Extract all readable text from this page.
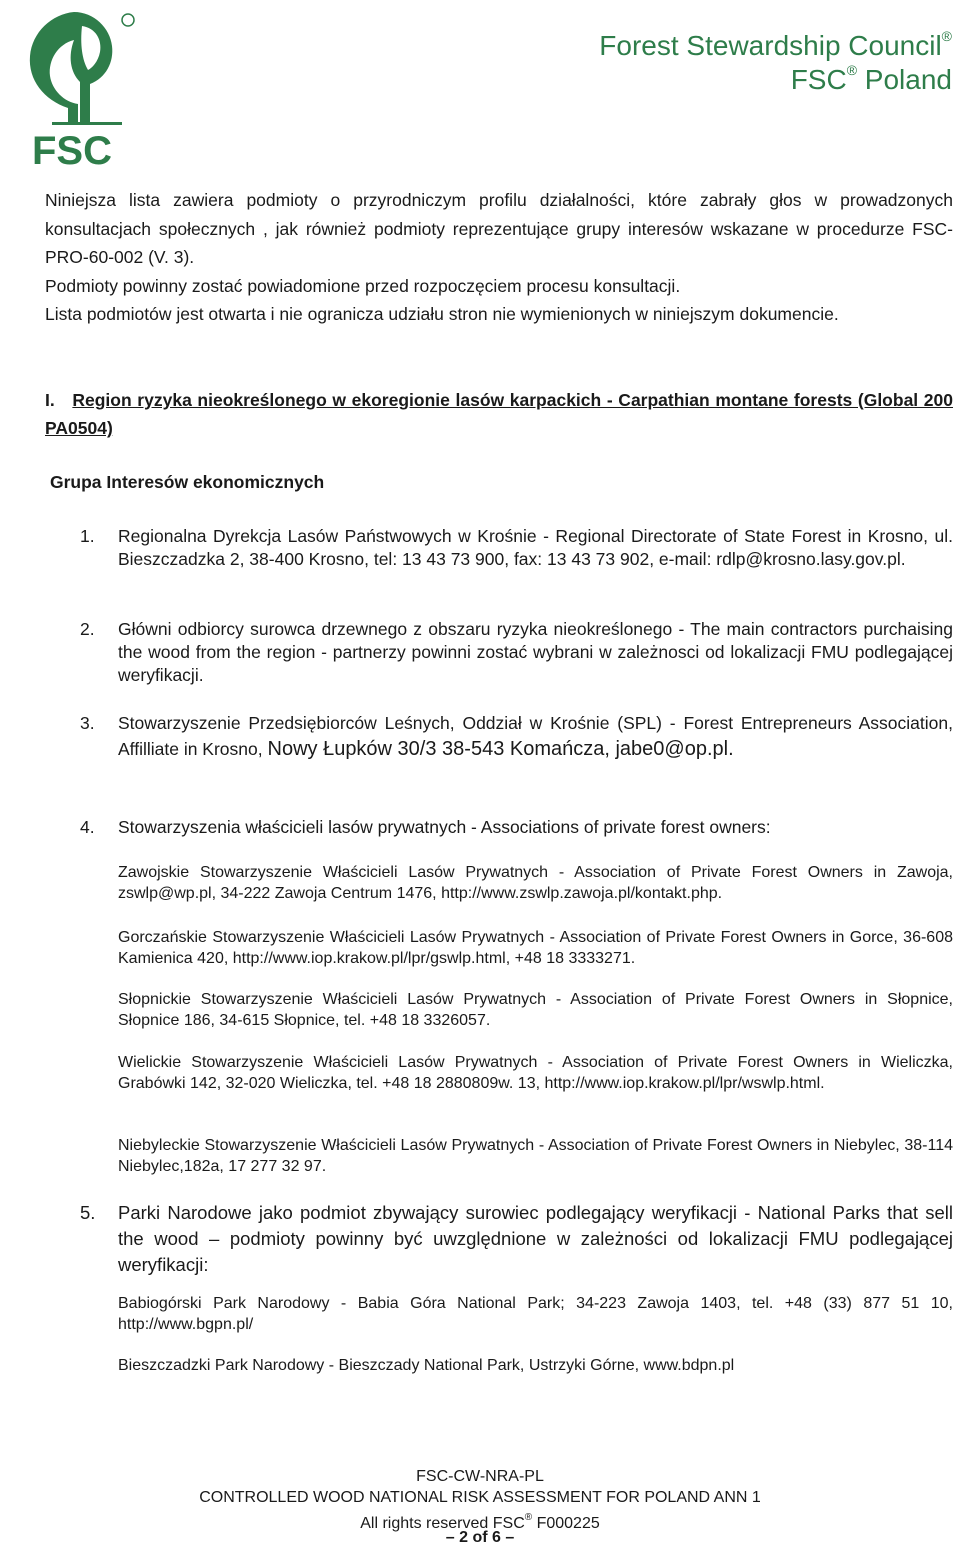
FSC
Forest Stewardship Council®
FSC® Poland
Niniejsza lista zawiera podmioty o przyrodniczym profilu działalności, które zabrały głos w prowadzonych konsultacjach społecznych , jak również podmioty reprezentujące grupy interesów wskazane w procedurze FSC-PRO-60-002 (V. 3).
Podmioty powinny zostać powiadomione przed rozpoczęciem procesu konsultacji.
Lista podmiotów jest otwarta i nie ogranicza udziału stron nie wymienionych w niniejszym dokumencie.
I. Region ryzyka nieokreślonego w ekoregionie lasów karpackich - Carpathian montane forests (Global 200 PA0504)
Grupa Interesów ekonomicznych
1. Regionalna Dyrekcja Lasów Państwowych w Krośnie - Regional Directorate of State Forest in Krosno, ul. Bieszczadzka 2, 38-400 Krosno, tel: 13 43 73 900, fax: 13 43 73 902, e-mail: rdlp@krosno.lasy.gov.pl.
2. Główni odbiorcy surowca drzewnego z obszaru ryzyka nieokreślonego - The main contractors purchaising the wood from the region - partnerzy powinni zostać wybrani w zależnosci od lokalizacji FMU podlegającej weryfikacji.
3. Stowarzyszenie Przedsiębiorców Leśnych, Oddział w Krośnie (SPL) - Forest Entrepreneurs Association, Affilliate in Krosno, Nowy Łupków 30/3 38-543 Komańcza, jabe0@op.pl.
4. Stowarzyszenia właścicieli lasów prywatnych - Associations of private forest owners:
Zawojskie Stowarzyszenie Właścicieli Lasów Prywatnych - Association of Private Forest Owners in Zawoja, zswlp@wp.pl, 34-222 Zawoja Centrum 1476, http://www.zswlp.zawoja.pl/kontakt.php.
Gorczańskie Stowarzyszenie Właścicieli Lasów Prywatnych - Association of Private Forest Owners in Gorce, 36-608 Kamienica 420, http://www.iop.krakow.pl/lpr/gswlp.html, +48 18 3333271.
Słopnickie Stowarzyszenie Właścicieli Lasów Prywatnych - Association of Private Forest Owners in Słopnice, Słopnice 186, 34-615 Słopnice, tel. +48 18 3326057.
Wielickie Stowarzyszenie Właścicieli Lasów Prywatnych - Association of Private Forest Owners in Wieliczka, Grabówki 142, 32-020 Wieliczka, tel. +48 18 2880809w. 13, http://www.iop.krakow.pl/lpr/wswlp.html.
Niebyleckie Stowarzyszenie Właścicieli Lasów Prywatnych - Association of Private Forest Owners in Niebylec, 38-114 Niebylec,182a, 17 277 32 97.
5. Parki Narodowe jako podmiot zbywający surowiec podlegający weryfikacji - National Parks that sell the wood – podmioty powinny być uwzględnione w zależności od lokalizacji FMU podlegającej weryfikacji:
Babiogórski Park Narodowy - Babia Góra National Park; 34-223 Zawoja 1403, tel. +48 (33) 877 51 10, http://www.bgpn.pl/
Bieszczadzki Park Narodowy - Bieszczady National Park, Ustrzyki Górne, www.bdpn.pl
FSC-CW-NRA-PL
CONTROLLED WOOD NATIONAL RISK ASSESSMENT FOR POLAND ANN 1
All rights reserved FSC® F000225
– 2 of 6 –
